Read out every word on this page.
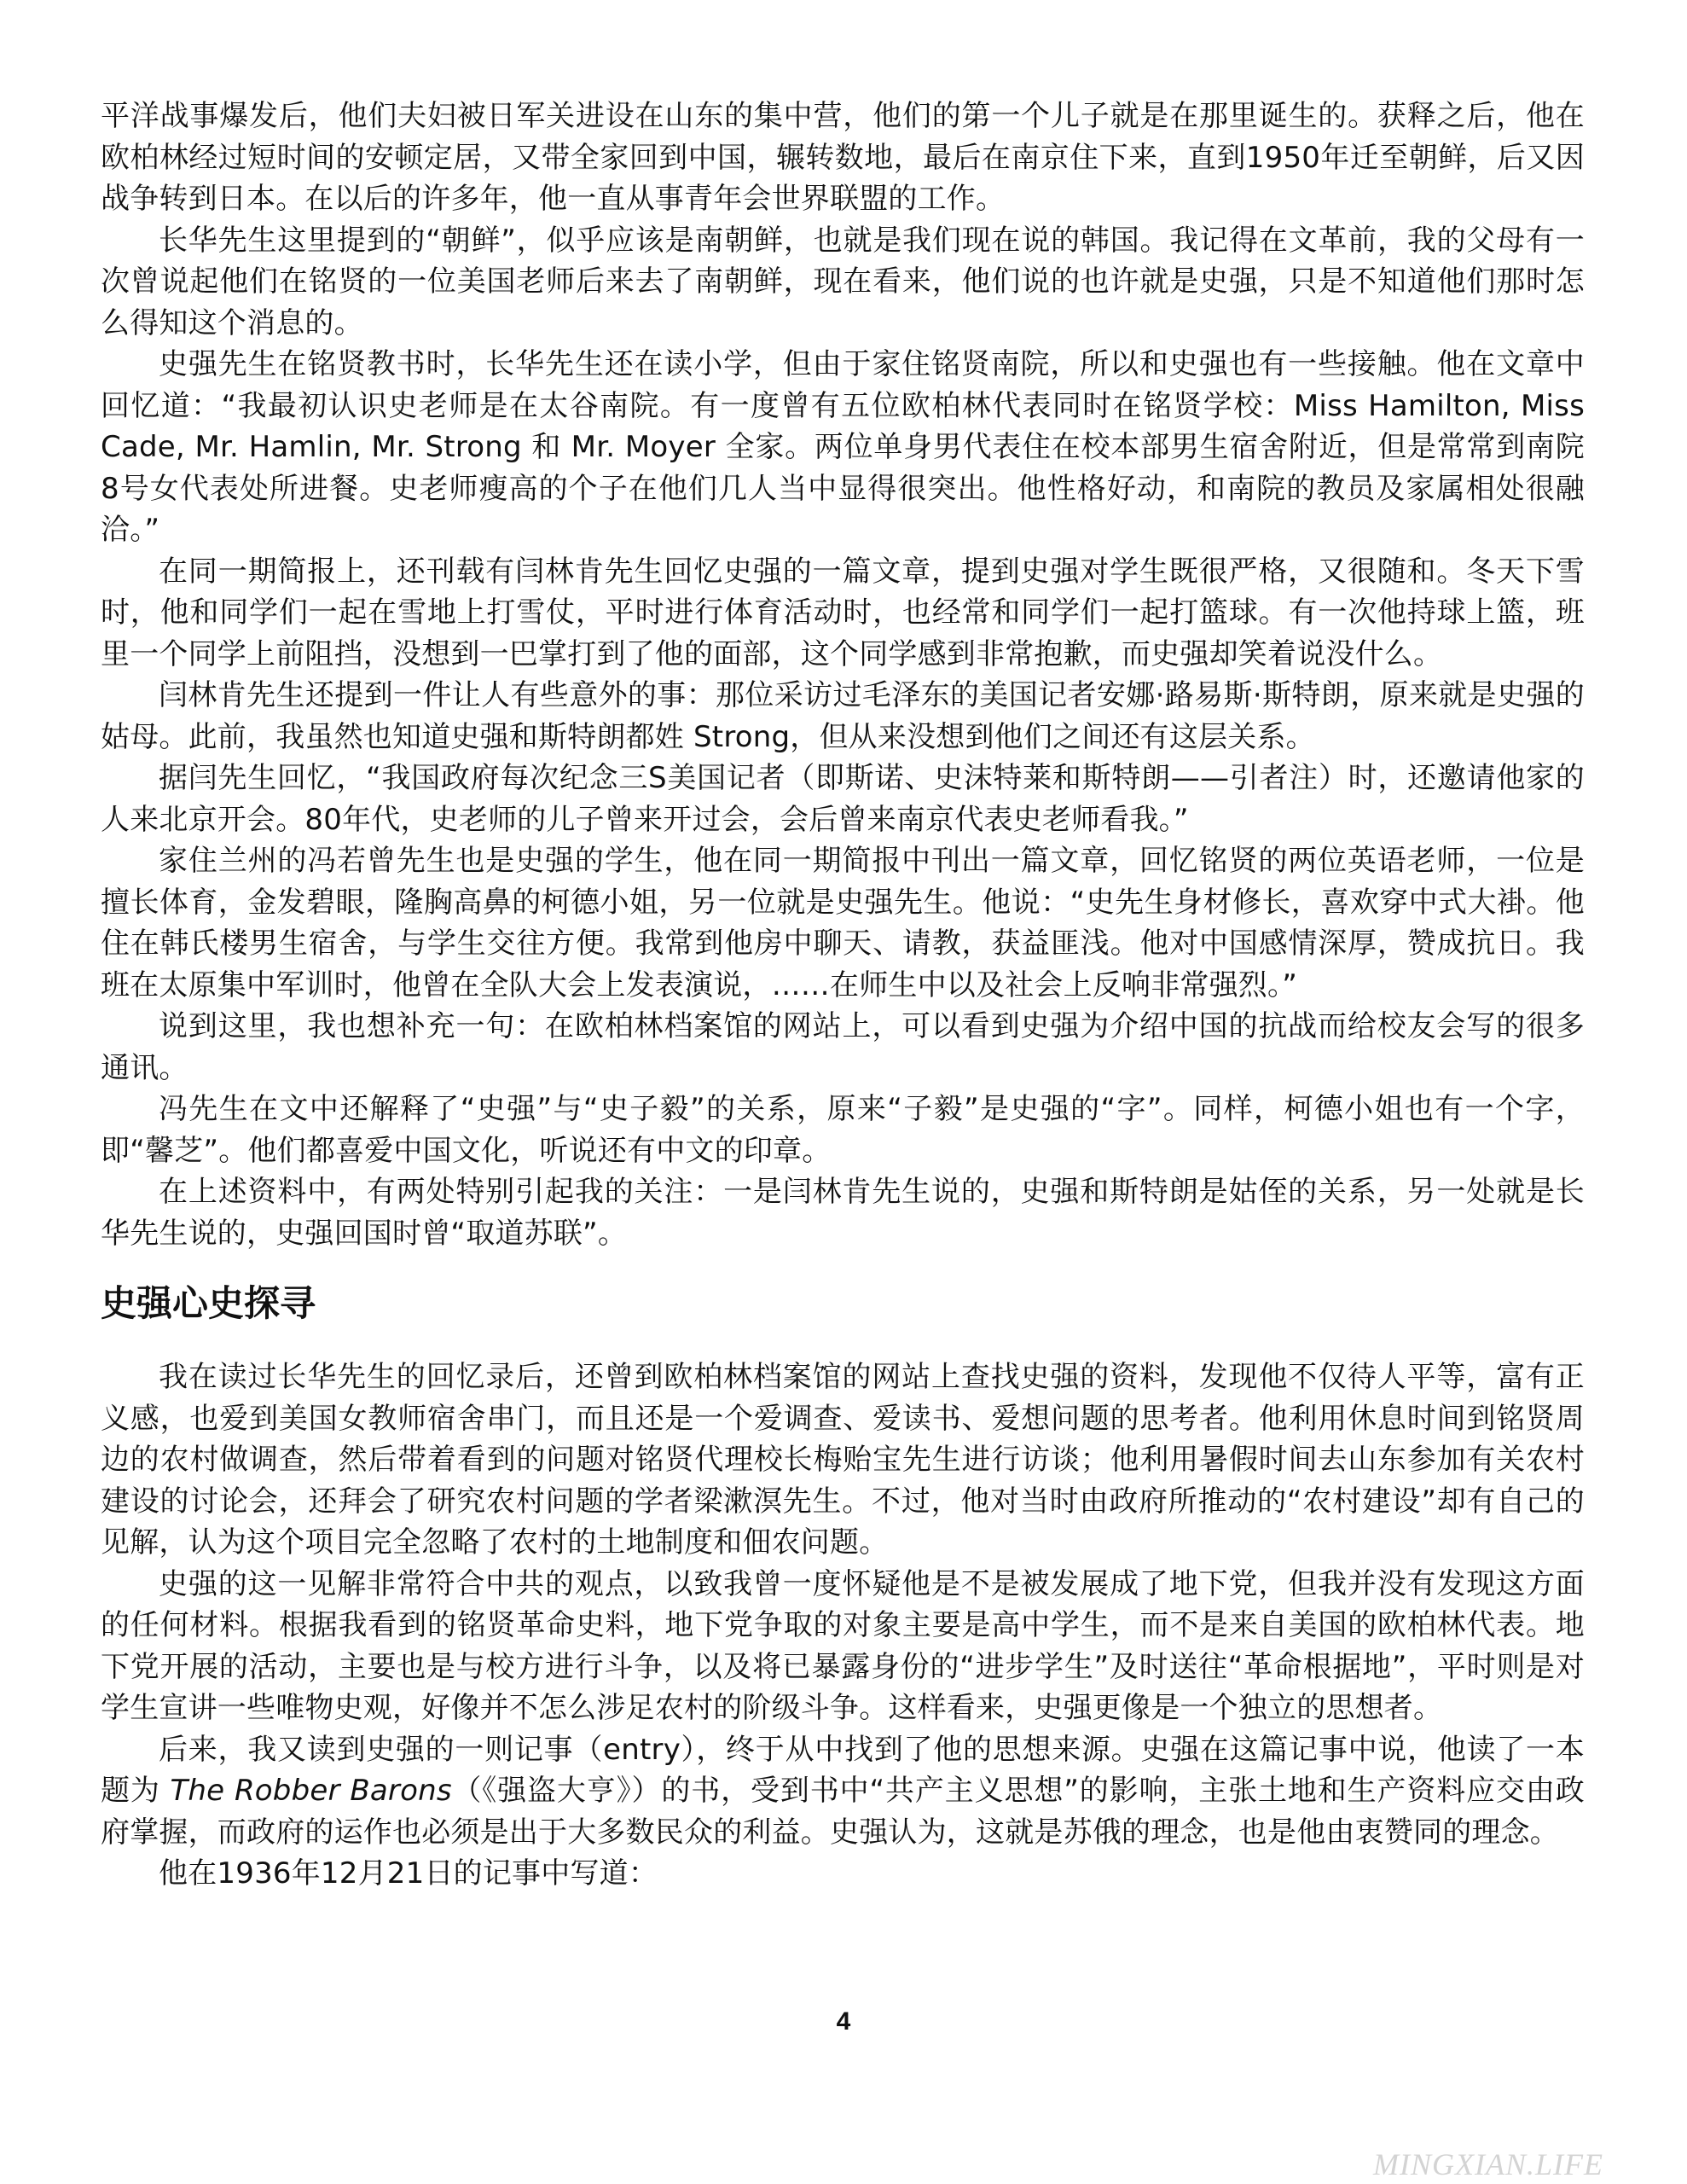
平洋战事爆发后，他们夫妇被日军关进设在山东的集中营，他们的第一个儿子就是在那里诞生的。获释之后，他在欧柏林经过短时间的安顿定居，又带全家回到中国，辗转数地，最后在南京住下来，直到1950年迁至朝鲜，后又因战争转到日本。在以后的许多年，他一直从事青年会世界联盟的工作。

长华先生这里提到的“朝鲜”，似乎应该是南朝鲜，也就是我们现在说的韩国。我记得在文革前，我的父母有一次曾说起他们在铭贤的一位美国老师后来去了南朝鲜，现在看来，他们说的也许就是史强，只是不知道他们那时怎么得知这个消息的。

史强先生在铭贤教书时，长华先生还在读小学，但由于家住铭贤南院，所以和史强也有一些接触。他在文章中回忆道：“我最初认识史老师是在太谷南院。有一度曾有五位欧柏林代表同时在铭贤学校：Miss Hamilton, Miss Cade, Mr. Hamlin, Mr. Strong 和 Mr. Moyer 全家。两位单身男代表住在校本部男生宿舍附近，但是常常到南院8号女代表处所进餐。史老师瘦高的个子在他们几人当中显得很突出。他性格好动，和南院的教员及家属相处很融洽。”

在同一期简报上，还刊载有闫林肯先生回忆史强的一篇文章，提到史强对学生既很严格，又很随和。冬天下雪时，他和同学们一起在雪地上打雪仗，平时进行体育活动时，也经常和同学们一起打篮球。有一次他持球上篮，班里一个同学上前阻挡，没想到一巴掌打到了他的面部，这个同学感到非常抱歉，而史强却笑着说没什么。

闫林肯先生还提到一件让人有些意外的事：那位采访过毛泽东的美国记者安娜·路易斯·斯特朗，原来就是史强的姑母。此前，我虽然也知道史强和斯特朗都姓 Strong，但从来没想到他们之间还有这层关系。

据闫先生回忆，“我国政府每次纪念三S美国记者（即斯诺、史沫特莱和斯特朗——引者注）时，还邀请他家的人来北京开会。80年代，史老师的儿子曾来开过会，会后曾来南京代表史老师看我。”

家住兰州的冯若曾先生也是史强的学生，他在同一期简报中刊出一篇文章，回忆铭贤的两位英语老师，一位是擅长体育，金发碧眼，隆胸高鼻的柯德小姐，另一位就是史强先生。他说：“史先生身材修长，喜欢穿中式大褂。他住在韩氏楼男生宿舍，与学生交往方便。我常到他房中聊天、请教，获益匪浅。他对中国感情深厚，赞成抗日。我班在太原集中军训时，他曾在全队大会上发表演说，……在师生中以及社会上反响非常强烈。”

说到这里，我也想补充一句：在欧柏林档案馆的网站上，可以看到史强为介绍中国的抗战而给校友会写的很多通讯。

冯先生在文中还解释了“史强”与“史子毅”的关系，原来“子毅”是史强的“字”。同样，柯德小姐也有一个字，即“馨芝”。他们都喜爱中国文化，听说还有中文的印章。

在上述资料中，有两处特别引起我的关注：一是闫林肯先生说的，史强和斯特朗是姑侄的关系，另一处就是长华先生说的，史强回国时曾“取道苏联”。

史强心史探寻

我在读过长华先生的回忆录后，还曾到欧柏林档案馆的网站上查找史强的资料，发现他不仅待人平等，富有正义感，也爱到美国女教师宿舍串门，而且还是一个爱调查、爱读书、爱想问题的思考者。他利用休息时间到铭贤周边的农村做调查，然后带着看到的问题对铭贤代理校长梅贻宝先生进行访谈；他利用暑假时间去山东参加有关农村建设的讨论会，还拜会了研究农村问题的学者梁漱溟先生。不过，他对当时由政府所推动的“农村建设”却有自己的见解，认为这个项目完全忽略了农村的土地制度和佃农问题。

史强的这一见解非常符合中共的观点，以致我曾一度怀疑他是不是被发展成了地下党，但我并没有发现这方面的任何材料。根据我看到的铭贤革命史料，地下党争取的对象主要是高中学生，而不是来自美国的欧柏林代表。地下党开展的活动，主要也是与校方进行斗争，以及将已暴露身份的“进步学生”及时送往“革命根据地”，平时则是对学生宣讲一些唯物史观，好像并不怎么涉足农村的阶级斗争。这样看来，史强更像是一个独立的思想者。

后来，我又读到史强的一则记事（entry），终于从中找到了他的思想来源。史强在这篇记事中说，他读了一本题为 The Robber Barons（《强盗大亨》）的书，受到书中“共产主义思想”的影响，主张土地和生产资料应交由政府掌握，而政府的运作也必须是出于大多数民众的利益。史强认为，这就是苏俄的理念，也是他由衷赞同的理念。

他在1936年12月21日的记事中写道：

4
MINGXIAN.LIFE
